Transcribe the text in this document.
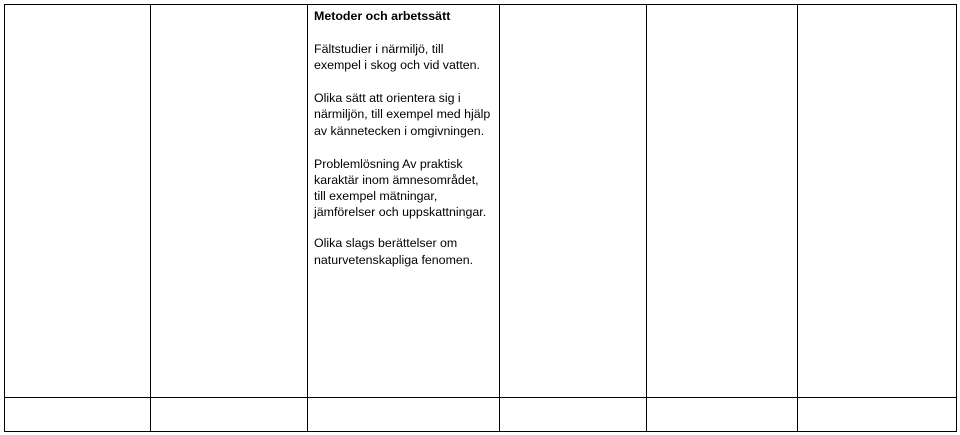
		Metoder och arbetssätt

Fältstudier i närmiljö, till exempel i skog och vid vatten.

Olika sätt att orientera sig i närmiljön, till exempel med hjälp av kännetecken i omgivningen.

Problemlösning Av praktisk karaktär inom ämnesområdet, till exempel mätningar, jämförelser och uppskattningar.

Olika slags berättelser om naturvetenskapliga fenomen.			
